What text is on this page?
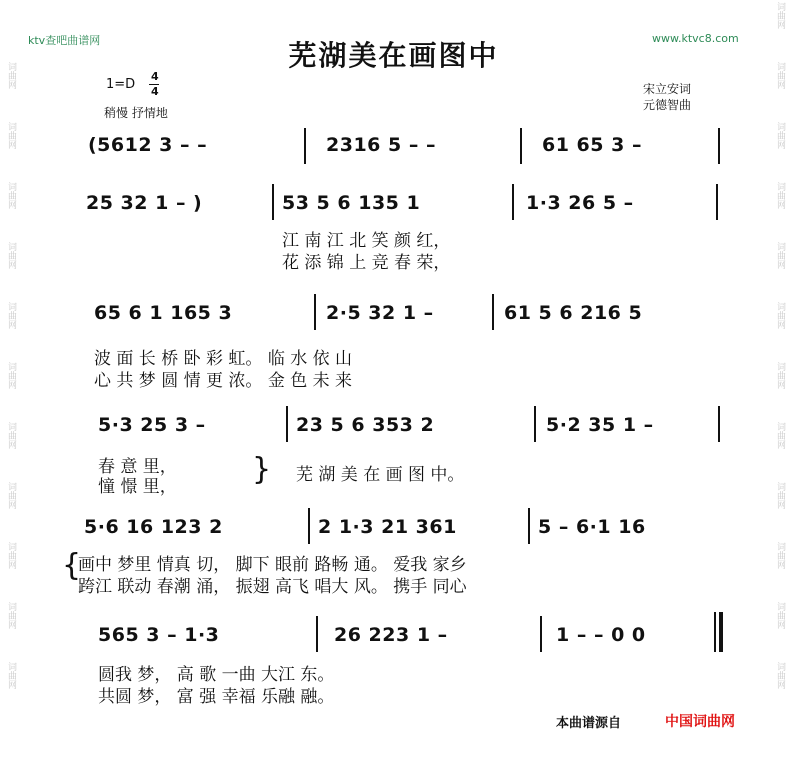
词曲网
词曲网
词曲网
词曲网
词曲网
词曲网
词曲网
词曲网
词曲网
词曲网
词曲网
词曲网
词曲网
词曲网
词曲网
词曲网
词曲网
词曲网
词曲网
词曲网
词曲网
词曲网
词曲网
ktv查吧曲谱网	www.ktvc8.com
芜湖美在画图中
1=D
4
4
稍慢 抒情地
宋立安词
元德智曲
(5612 3 – –	2316 5 – –	61 65 3 –
25 32 1 – )	53 5 6 135 1	1·3 26 5 –
江 南 江 北 笑 颜 红，
花 添 锦 上 竞 春 荣，
65 6 1 165 3	2·5 32 1 –	61 5 6 216 5
波 面 长 桥 卧 彩 虹。 临 水 依 山
心 共 梦 圆 情 更 浓。 金 色 未 来
5·3 25 3 –	23 5 6 353 2	5·2 35 1 –
春 意 里，
憧 憬 里，	} 芜 湖 美 在 画 图 中。
5·6 16 123 2	2 1·3 21 361	5 – 6·1 16
{
画中 梦里 情真 切， 脚下 眼前 路畅 通。 爱我 家乡
跨江 联动 春潮 涌， 振翅 高飞 唱大 风。 携手 同心
565 3 – 1·3	26 223 1 –	1 – – 0 0
圆我 梦， 高 歌 一曲 大江 东。
共圆 梦， 富 强 幸福 乐融 融。
本曲谱源自	中国词曲网
